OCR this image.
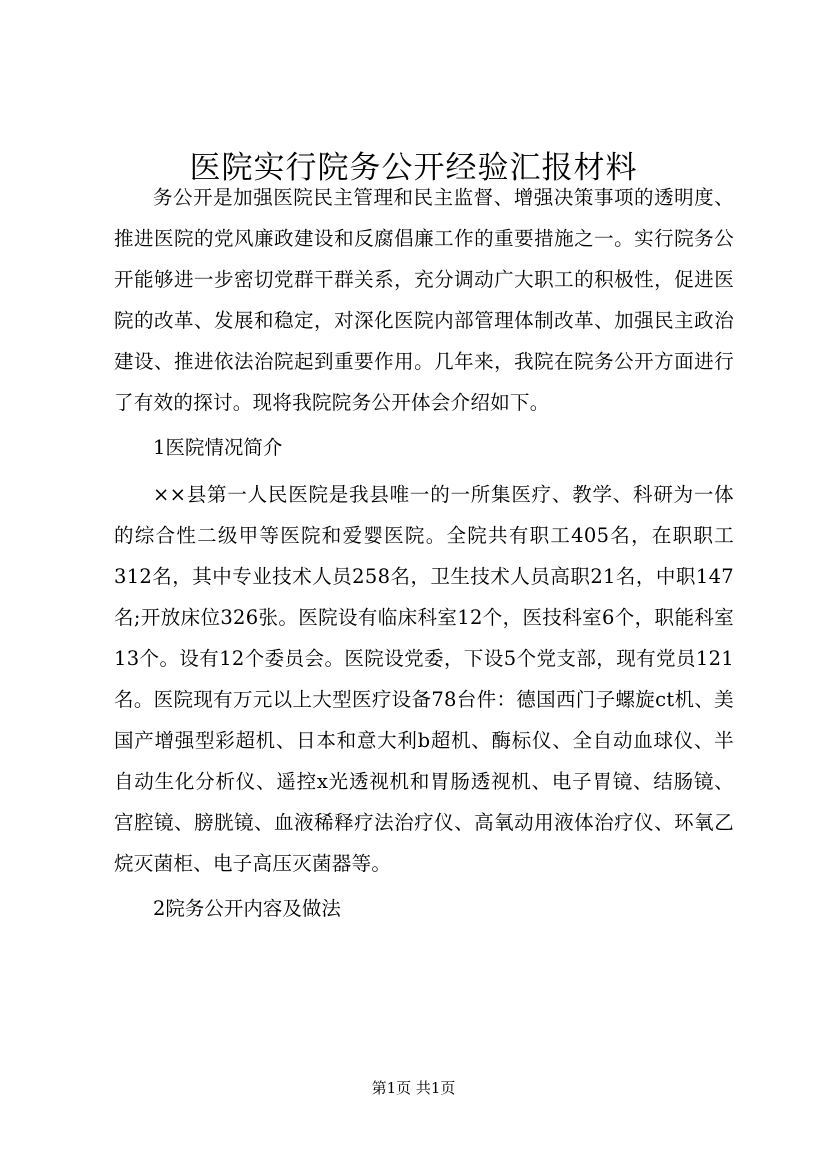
医院实行院务公开经验汇报材料

务公开是加强医院民主管理和民主监督、增强决策事项的透明度、推进医院的党风廉政建设和反腐倡廉工作的重要措施之一。实行院务公开能够进一步密切党群干群关系，充分调动广大职工的积极性，促进医院的改革、发展和稳定，对深化医院内部管理体制改革、加强民主政治建设、推进依法治院起到重要作用。几年来，我院在院务公开方面进行了有效的探讨。现将我院院务公开体会介绍如下。

1医院情况简介

××县第一人民医院是我县唯一的一所集医疗、教学、科研为一体的综合性二级甲等医院和爱婴医院。全院共有职工405名，在职职工312名，其中专业技术人员258名，卫生技术人员高职21名，中职147名;开放床位326张。医院设有临床科室12个，医技科室6个，职能科室13个。设有12个委员会。医院设党委，下设5个党支部，现有党员121名。医院现有万元以上大型医疗设备78台件：德国西门子螺旋ct机、美国产增强型彩超机、日本和意大利b超机、酶标仪、全自动血球仪、半自动生化分析仪、遥控x光透视机和胃肠透视机、电子胃镜、结肠镜、宫腔镜、膀胱镜、血液稀释疗法治疗仪、高氧动用液体治疗仪、环氧乙烷灭菌柜、电子高压灭菌器等。

2院务公开内容及做法

第1页 共1页
